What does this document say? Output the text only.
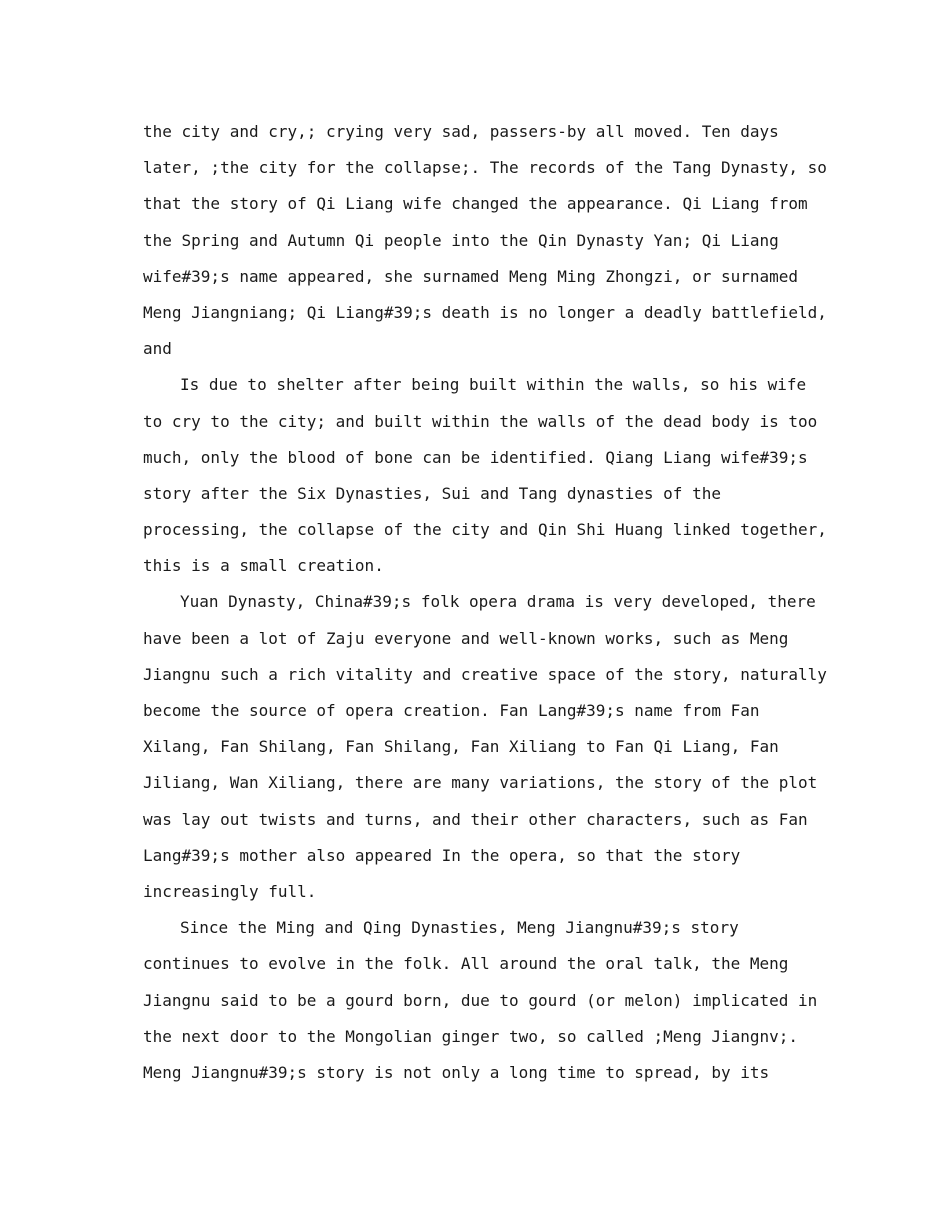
the city and cry,; crying very sad, passers-by all moved. Ten days
later, ;the city for the collapse;. The records of the Tang Dynasty, so
that the story of Qi Liang wife changed the appearance. Qi Liang from
the Spring and Autumn Qi people into the Qin Dynasty Yan; Qi Liang
wife#39;s name appeared, she surnamed Meng Ming Zhongzi, or surnamed
Meng Jiangniang; Qi Liang#39;s death is no longer a deadly battlefield,
and

Is due to shelter after being built within the walls, so his wife
to cry to the city; and built within the walls of the dead body is too
much, only the blood of bone can be identified. Qiang Liang wife#39;s
story after the Six Dynasties, Sui and Tang dynasties of the
processing, the collapse of the city and Qin Shi Huang linked together,
this is a small creation.

Yuan Dynasty, China#39;s folk opera drama is very developed, there
have been a lot of Zaju everyone and well-known works, such as Meng
Jiangnu such a rich vitality and creative space of the story, naturally
become the source of opera creation. Fan Lang#39;s name from Fan
Xilang, Fan Shilang, Fan Shilang, Fan Xiliang to Fan Qi Liang, Fan
Jiliang, Wan Xiliang, there are many variations, the story of the plot
was lay out twists and turns, and their other characters, such as Fan
Lang#39;s mother also appeared In the opera, so that the story
increasingly full.

Since the Ming and Qing Dynasties, Meng Jiangnu#39;s story
continues to evolve in the folk. All around the oral talk, the Meng
Jiangnu said to be a gourd born, due to gourd (or melon) implicated in
the next door to the Mongolian ginger two, so called ;Meng Jiangnv;.
Meng Jiangnu#39;s story is not only a long time to spread, by its
